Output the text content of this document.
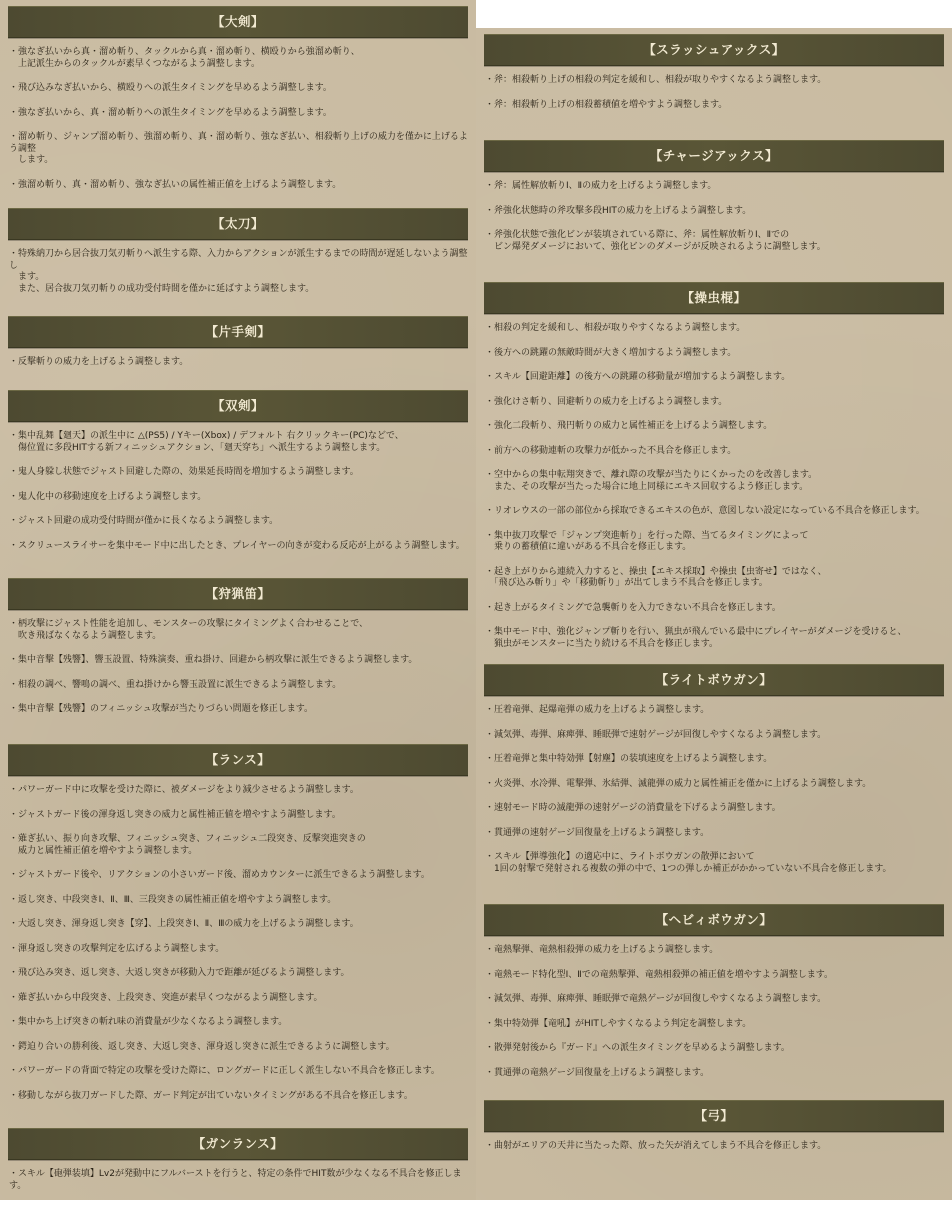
【大剣】
・強なぎ払いから真・溜め斬り、タックルから真・溜め斬り、横殴りから強溜め斬り、
　上記派生からのタックルが素早くつながるよう調整します。
・飛び込みなぎ払いから、横殴りへの派生タイミングを早めるよう調整します。
・強なぎ払いから、真・溜め斬りへの派生タイミングを早めるよう調整します。
・溜め斬り、ジャンプ溜め斬り、強溜め斬り、真・溜め斬り、強なぎ払い、相殺斬り上げの威力を僅かに上げるよう調整
　します。
・強溜め斬り、真・溜め斬り、強なぎ払いの属性補正値を上げるよう調整します。
【太刀】
・特殊納刀から居合抜刀気刃斬りへ派生する際、入力からアクションが派生するまでの時間が遅延しないよう調整し
　ます。
　また、居合抜刀気刃斬りの成功受付時間を僅かに延ばすよう調整します。
【片手剣】
・反撃斬りの威力を上げるよう調整します。
【双剣】
・集中乱舞【廻天】の派生中に △(PS5) / Yキー(Xbox) / デフォルト 右クリックキー(PC)などで、
　傷位置に多段HITする新フィニッシュアクション、「廻天穿ち」へ派生するよう調整します。
・鬼人身躱し状態でジャスト回避した際の、効果延長時間を増加するよう調整します。
・鬼人化中の移動速度を上げるよう調整します。
・ジャスト回避の成功受付時間が僅かに長くなるよう調整します。
・スクリュースライサーを集中モード中に出したとき、プレイヤーの向きが変わる反応が上がるよう調整します。
【狩猟笛】
・柄攻撃にジャスト性能を追加し、モンスターの攻撃にタイミングよく合わせることで、
　吹き飛ばなくなるよう調整します。
・集中音撃【残響】、響玉設置、特殊演奏、重ね掛け、回避から柄攻撃に派生できるよう調整します。
・相殺の調べ、響鳴の調べ、重ね掛けから響玉設置に派生できるよう調整します。
・集中音撃【残響】のフィニッシュ攻撃が当たりづらい問題を修正します。
【ランス】
・パワーガード中に攻撃を受けた際に、被ダメージをより減少させるよう調整します。
・ジャストガード後の渾身返し突きの威力と属性補正値を増やすよう調整します。
・薙ぎ払い、振り向き攻撃、フィニッシュ突き、フィニッシュ二段突き、反撃突進突きの
　威力と属性補正値を増やすよう調整します。
・ジャストガード後や、リアクションの小さいガード後、溜めカウンターに派生できるよう調整します。
・返し突き、中段突きⅠ、Ⅱ、Ⅲ、三段突きの属性補正値を増やすよう調整します。
・大返し突き、渾身返し突き【穿】、上段突きⅠ、Ⅱ、Ⅲの威力を上げるよう調整します。
・渾身返し突きの攻撃判定を広げるよう調整します。
・飛び込み突き、返し突き、大返し突きが移動入力で距離が延びるよう調整します。
・薙ぎ払いから中段突き、上段突き、突進が素早くつながるよう調整します。
・集中かち上げ突きの斬れ味の消費量が少なくなるよう調整します。
・鍔迫り合いの勝利後、返し突き、大返し突き、渾身返し突きに派生できるように調整します。
・パワーガードの背面で特定の攻撃を受けた際に、ロングガードに正しく派生しない不具合を修正します。
・移動しながら抜刀ガードした際、ガード判定が出ていないタイミングがある不具合を修正します。
【ガンランス】
・スキル【砲弾装填】Lv2が発動中にフルバーストを行うと、特定の条件でHIT数が少なくなる不具合を修正します。
【スラッシュアックス】
・斧：相殺斬り上げの相殺の判定を緩和し、相殺が取りやすくなるよう調整します。
・斧：相殺斬り上げの相殺蓄積値を増やすよう調整します。
【チャージアックス】
・斧：属性解放斬りⅠ、Ⅱの威力を上げるよう調整します。
・斧強化状態時の斧攻撃多段HITの威力を上げるよう調整します。
・斧強化状態で強化ビンが装填されている際に、斧：属性解放斬りⅠ、Ⅱでの
　ビン爆発ダメージにおいて、強化ビンのダメージが反映されるように調整します。
【操虫棍】
・相殺の判定を緩和し、相殺が取りやすくなるよう調整します。
・後方への跳躍の無敵時間が大きく増加するよう調整します。
・スキル【回避距離】の後方への跳躍の移動量が増加するよう調整します。
・強化けさ斬り、回避斬りの威力を上げるよう調整します。
・強化二段斬り、飛円斬りの威力と属性補正を上げるよう調整します。
・前方への移動連斬の攻撃力が低かった不具合を修正します。
・空中からの集中転翔突きで、離れ際の攻撃が当たりにくかったのを改善します。
　また、その攻撃が当たった場合に地上同様にエキス回収するよう修正します。
・リオレウスの一部の部位から採取できるエキスの色が、意図しない設定になっている不具合を修正します。
・集中抜刀攻撃で「ジャンプ突進斬り」を行った際、当てるタイミングによって
　乗りの蓄積値に違いがある不具合を修正します。
・起き上がりから連続入力すると、操虫【エキス採取】や操虫【虫寄せ】ではなく、
　「飛び込み斬り」や「移動斬り」が出てしまう不具合を修正します。
・起き上がるタイミングで急襲斬りを入力できない不具合を修正します。
・集中モード中、強化ジャンプ斬りを行い、猟虫が飛んでいる最中にプレイヤーがダメージを受けると、
　猟虫がモンスターに当たり続ける不具合を修正します。
【ライトボウガン】
・圧着竜弾、起爆竜弾の威力を上げるよう調整します。
・減気弾、毒弾、麻痺弾、睡眠弾で速射ゲージが回復しやすくなるよう調整します。
・圧着竜弾と集中特効弾【射塵】の装填速度を上げるよう調整します。
・火炎弾、水冷弾、電撃弾、氷結弾、滅龍弾の威力と属性補正を僅かに上げるよう調整します。
・速射モード時の滅龍弾の速射ゲージの消費量を下げるよう調整します。
・貫通弾の速射ゲージ回復量を上げるよう調整します。
・スキル【弾導強化】の適応中に、ライトボウガンの散弾において
　1回の射撃で発射される複数の弾の中で、1つの弾しか補正がかかっていない不具合を修正します。
【ヘビィボウガン】
・竜熱撃弾、竜熱相殺弾の威力を上げるよう調整します。
・竜熱モード特化型Ⅰ、Ⅱでの竜熱撃弾、竜熱相殺弾の補正値を増やすよう調整します。
・減気弾、毒弾、麻痺弾、睡眠弾で竜熱ゲージが回復しやすくなるよう調整します。
・集中特効弾【竜吼】がHITしやすくなるよう判定を調整します。
・散弾発射後から『ガード』への派生タイミングを早めるよう調整します。
・貫通弾の竜熱ゲージ回復量を上げるよう調整します。
【弓】
・曲射がエリアの天井に当たった際、放った矢が消えてしまう不具合を修正します。
